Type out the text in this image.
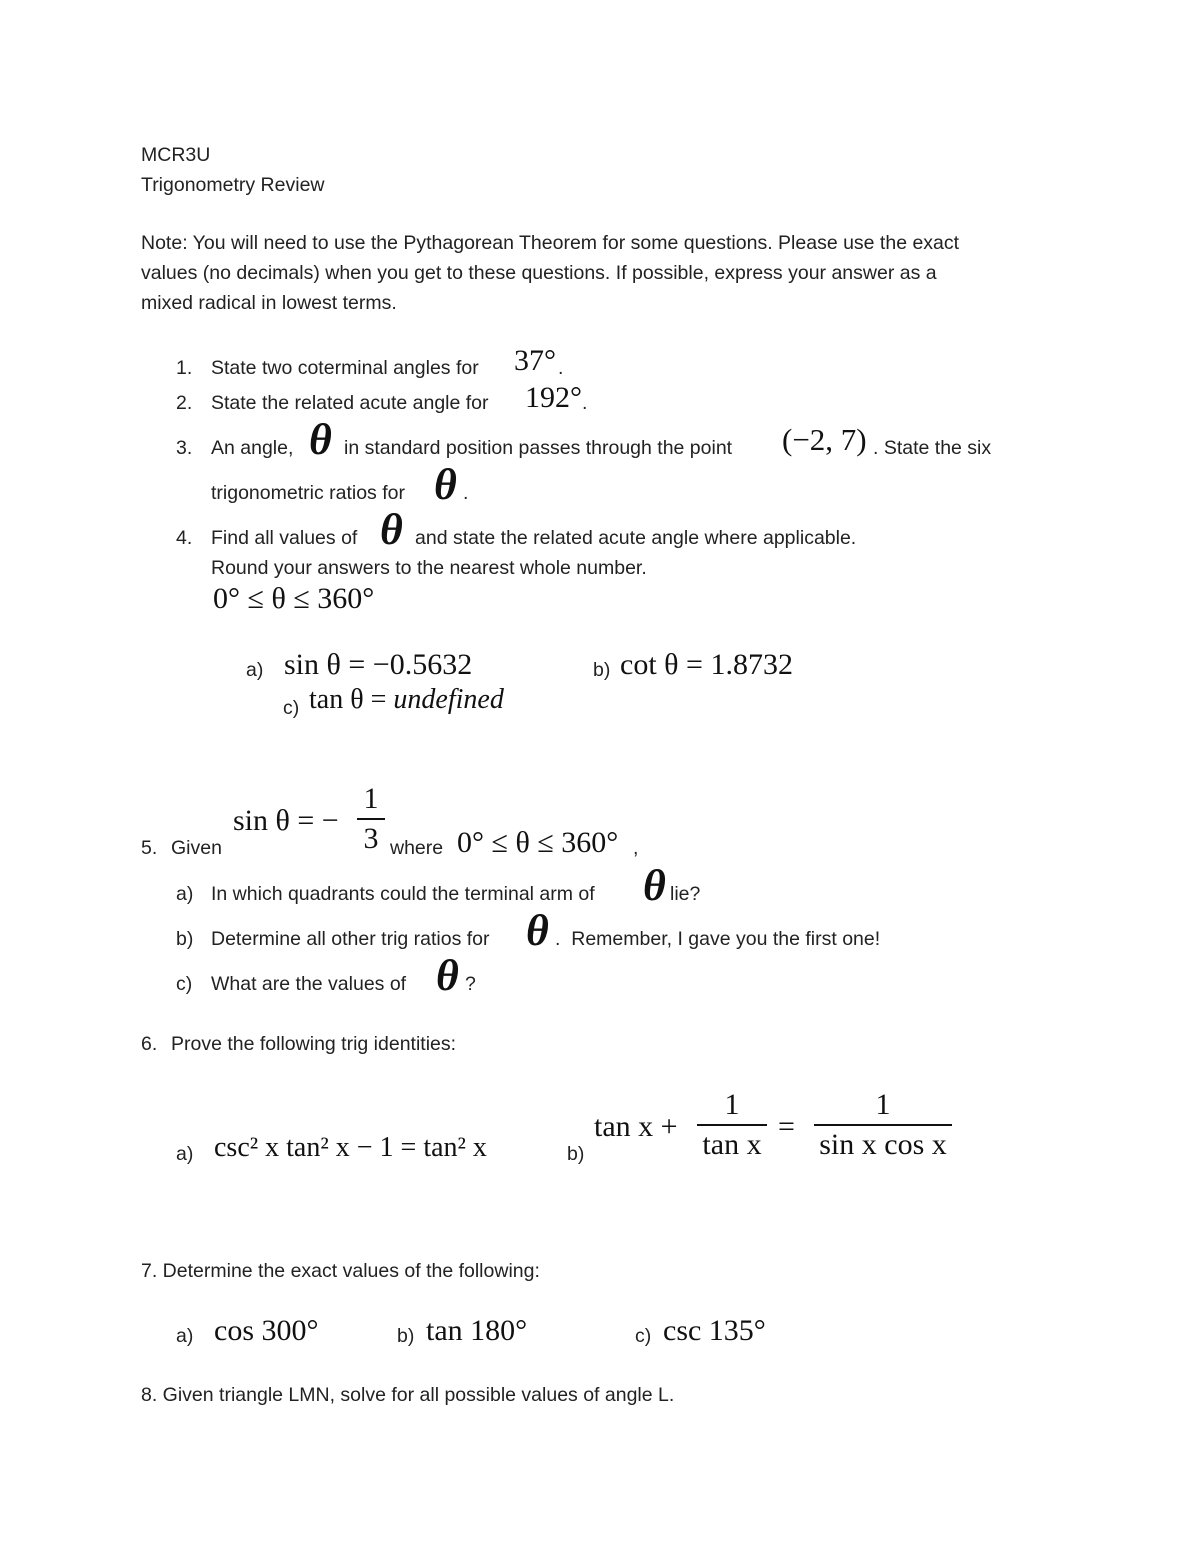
MCR3U
Trigonometry Review
Note: You will need to use the Pythagorean Theorem for some questions. Please use the exact
values (no decimals) when you get to these questions. If possible, express your answer as a
mixed radical in lowest terms.
1. State two coterminal angles for 37° .
2. State the related acute angle for 192° .
3. An angle, θ in standard position passes through the point (−2, 7) . State the six
trigonometric ratios for θ .
4. Find all values of θ and state the related acute angle where applicable.
Round your answers to the nearest whole number.
0° ≤ θ ≤ 360°
a) sin θ = −0.5632	b) cot θ = 1.8732
c) tan θ = undefined
5. Given
sin θ = −
1
3 where 0° ≤ θ ≤ 360° ,
a) In which quadrants could the terminal arm of θ lie?
b) Determine all other trig ratios for θ .  Remember, I gave you the first one!
c) What are the values of θ ?
6. Prove the following trig identities:
a) csc² x tan² x − 1 = tan² x	b)
tan x +
1
tan x
=
1
sin x cos x
7. Determine the exact values of the following:
a) cos 300°	b) tan 180°	c) csc 135°
8. Given triangle LMN, solve for all possible values of angle L.
